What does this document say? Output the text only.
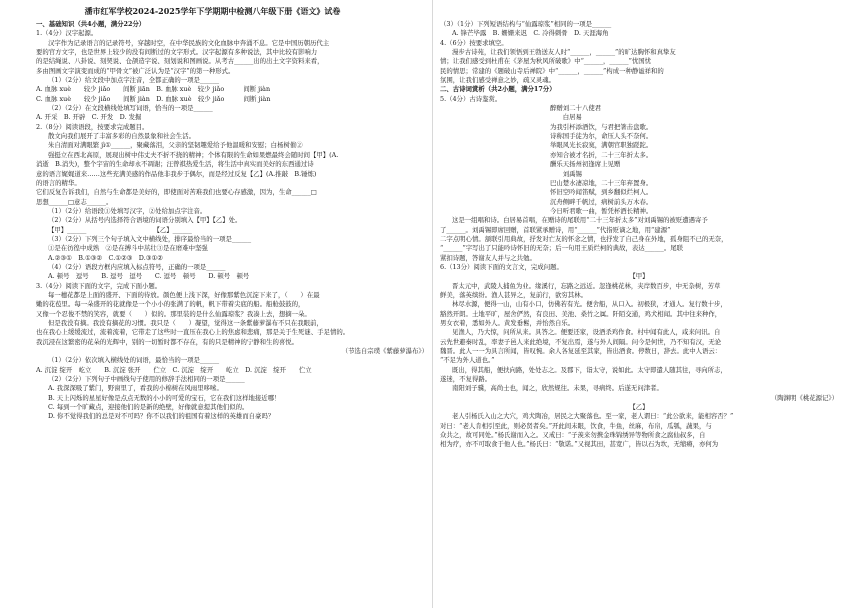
潘市红军学校2024-2025学年下学期期中检测八年级下册《语文》试卷

一、基础知识（共4小题，满分22分）

1.（4分）汉字起源。

汉字作为记录语言的记录符号，穿越时空，在中华民族的文化血脉中奔涌不息。它是中国历朝历代主

要的官方文字，也是世界上较少的没有间断过的文字形式。汉字起源有多种说法，其中比较有影响力

的是结绳说、八卦说、刻契说、仓颉造字说、刻划说和图画说。从考古______出的出土文字资料来看，

多由图画文字演变而成的“甲骨文”被广泛认为是“汉字”的第一种形式。

（1）（2分）给文段中加点字注音，全都正确的一项是______

A. 血脉 xuè　　较少 jiǎo　　间断 jiān　B. 血脉 xuè　较少 jiǎo　　　间断 jiàn

C. 血脉 xuè　　较少 jiǎo　　间断 jiàn　D. 血脉 xuè　较少 jiǎo　　　间断 jiàn

（2）（2分）在文段横线处填写词语，恰当的一项是______

A. 开采　B. 开辟　C. 开发　D. 发掘

2.（8分）阅读语段，按要求完成题目。

散文向我们展开了丰富多彩的自然景象和社会生活。

朱自清面对满眼繁 jì①______，聚藏落泪，父亲的坚韧趣爱给予他温暖和安慰；白杨树催②

强挺立在西北高原，展现出树中伟丈夫不折不挠的精神；个体有限的生命如果燃最终会随时间【甲】(A.

消逝　B.消失)，整个宇宙的生命却永不凋谢；汪曾祺热爱生活，将生活中真实而美好的东西通过诗

意的语言娓娓道来……这些充满美感的作品他非我步于偶尔，而是经过反复【乙】(A.推敲　B.锤炼)

的语言的精华。

它们反复告诉我们，自然与生命都是美好的，即使面对苦难我们也要心存感激，因为，生命______□

思想______□意志______。

（1）（2分）给语段①处填写汉字，②处给加点字注音。

（2）（2分）从括号内选择符合语境的词语分别填入【甲】【乙】处。

【甲】______　　　　　　　　　　　【乙】______

（3）（2分）下列三个句子填入文中横线处，排序最恰当的一项是______

①是在彷徨中成熟　②是在搏斗中茁壮③是在磨难中坚强

A.②③①　B.①③②　C.①②③　D.③①②

（4）（2分）语段方框内应填入标点符号，正确的一项是______

A. 顿号　逗号　　B. 逗号　逗号　　C. 逗号　顿号　　D. 顿号　顿号

3.（4分）阅读下面的文字，完成下面小题。

每一穗花都是上面的盛开、下面的待放。颜色便上浅下深，好像那紫色沉淀下来了，（　　）在最

嫩的花苞里。每一朵盛开的花就像是一个小小的张满了的帆，帆下带着尖底的船。船舱鼓鼓的，

又像一个忍俊不禁的笑容，就要（　　）似的。那里装的是什么仙露琼浆？我凑上去，想摘一朵。

但是我没有摘。我没有摘花的习惯。我只是（　　）凝望，觉得这一条紫藤萝瀑布不只在我眼前，

也在我心上缓缓流过，流着流着，它带走了这些时一直压在我心上的焦虑和悲痛，那是关于生死谜、手足情的。

我沉浸在这繁密的花朵的光辉中，别的一切暂时都不存在，有的只是精神的宁静和生的喜悦。

（节选自宗璞《紫藤萝瀑布》）

（1）（2分）依次填入横线处的词语，最恰当的一项是______

A. 沉淀 绽开　屹立　　B. 沉淀 张开　　伫立　C. 沉淀　绽开　　屹立　D. 沉淀　绽开　　伫立

（2）（2分）下列句子中画线句子使用的修辞手法相同的一项是______

A. 我深深吸了紫门，野窗里了，看我的小棉树在风雨里哆嗦。

B. 天上闪烁的星星好像是点点无数的小小的可爱的宝石，它在我们这样地接近哪！

C. 每到一个旷藏点，迎接他们的是新的绝壁，好像就意提其他们似的。

D. 你不觉得我们的总是对不可吗？你不以我们的祖国有着这样的英雄而自豪吗？

（3）（1分）下列短语结构与“仙露琼浆”相同的一项是______

A. 锋芒毕露　B. 姗姗来迟　C. 冷得刺骨　D. 天涯海角

4.（6分）按要求填空。

漫步古诗苑，让我们领悟到王勃送友人时“______，______”的旷达胸怀和真挚友

情；让我们感受到杜甫在《茅屋为秋风所破歌》中“______，______”忧国忧

民的情思；常建的《题破山寺后禅院》中“______，______”构成一种静谧祥和的

氛围，让我们感受禅意之妙，疏又灵魂。

二、古诗词赏析（共2小题，满分17分）

5.（4分）古诗鉴赏。

醉赠刘二十八使君

　　白居易

为我引杯添酒饮，与君把箸击盘歌。

诗称国手徒为尔，命压人头不奈何。

举眼风光长寂寞，满朝官职独蹉跎。

亦知合被才名折，二十三年折太多。

酬乐天扬州初逢席上见赠

　　刘禹锡

巴山楚水凄凉地，二十三年弃置身。

怀旧空吟闻笛赋，到乡翻似烂柯人。

沉舟侧畔千帆过，病树前头万木春。

今日听君歌一曲，暂凭杯酒长精神。

这是一组唱和诗。白居易首唱，在赠诗的尾联用“二十三年折太多”对刘禹锡的被贬遭遇寄予

了______。刘禹锡即席回赠，首联紧承赠诗，用“______”代指贬谪之地，用“建源”

二字点明心情。颔联引用典故，抒发对亡友的怀念之情，也抒发了自己身在外地，孤身阻不已的无奈，

“______”字写出了只能吟诗怀旧的无奈；后一句用王质烂柯的典故，表达______。尾联

紧扣诗题，答谢友人并与之共勉。

6.（13分）阅读下面的文言文，完成问题。

【甲】

晋太元中，武陵人捕鱼为业。缘溪行，忘路之远近。忽逢桃花林，夹岸数百步，中无杂树，芳草

鲜美，落英缤纷。渔人甚异之，复前行，欲穷其林。

林尽水源，便得一山，山有小口，仿佛若有光。便舍船，从口入。初极狭，才通人。复行数十步，

豁然开朗。土地平旷，屋舍俨然，有良田、美池、桑竹之属。阡陌交通，鸡犬相闻。其中往来种作，

男女衣着，悉如外人。黄发垂髫，并怡然自乐。

见渔人，乃大惊，问所从来。具答之。便要还家，设酒杀鸡作食。村中闻有此人，咸来问讯。自

云先世避秦时乱，率妻子邑人来此绝境，不复出焉，遂与外人间隔。问今是何世，乃不知有汉，无论

魏晋。此人一一为具言所闻，皆叹惋。余人各复延至其家，皆出酒食。停数日，辞去。此中人语云：

“不足为外人道也。”

既出，得其船，便扶向路，处处志之。及郡下，诣太守，说如此。太守即遣人随其往，寻向所志，

遂迷，不复得路。

南阳刘子骥，高尚士也，闻之，欣然规往。未果，寻病终。后遂无问津者。

（陶渊明《桃花源记》）

【乙】

老人引杨氏入山之大穴，鸡犬陶冶，居民之大聚落也。至一家，老人谓曰：“此公欲来，能相容否？”

对曰：“老人肯相引至此，则必贤者矣。”开此间未眼，饮食，牛鱼，丝麻，布帛，瓜瓠，蔬果，与

众共之，故可同处。”杨氏谢而入之。又戒曰：“子羡来勿携金珠锦绣异等物所食之腐仙叔多，自

相为疗，亦不可取食于他人也。”杨氏曰：“敬诺。”又视其田，甚宽广，皆以石为坎，无缩瘠，亦何为
